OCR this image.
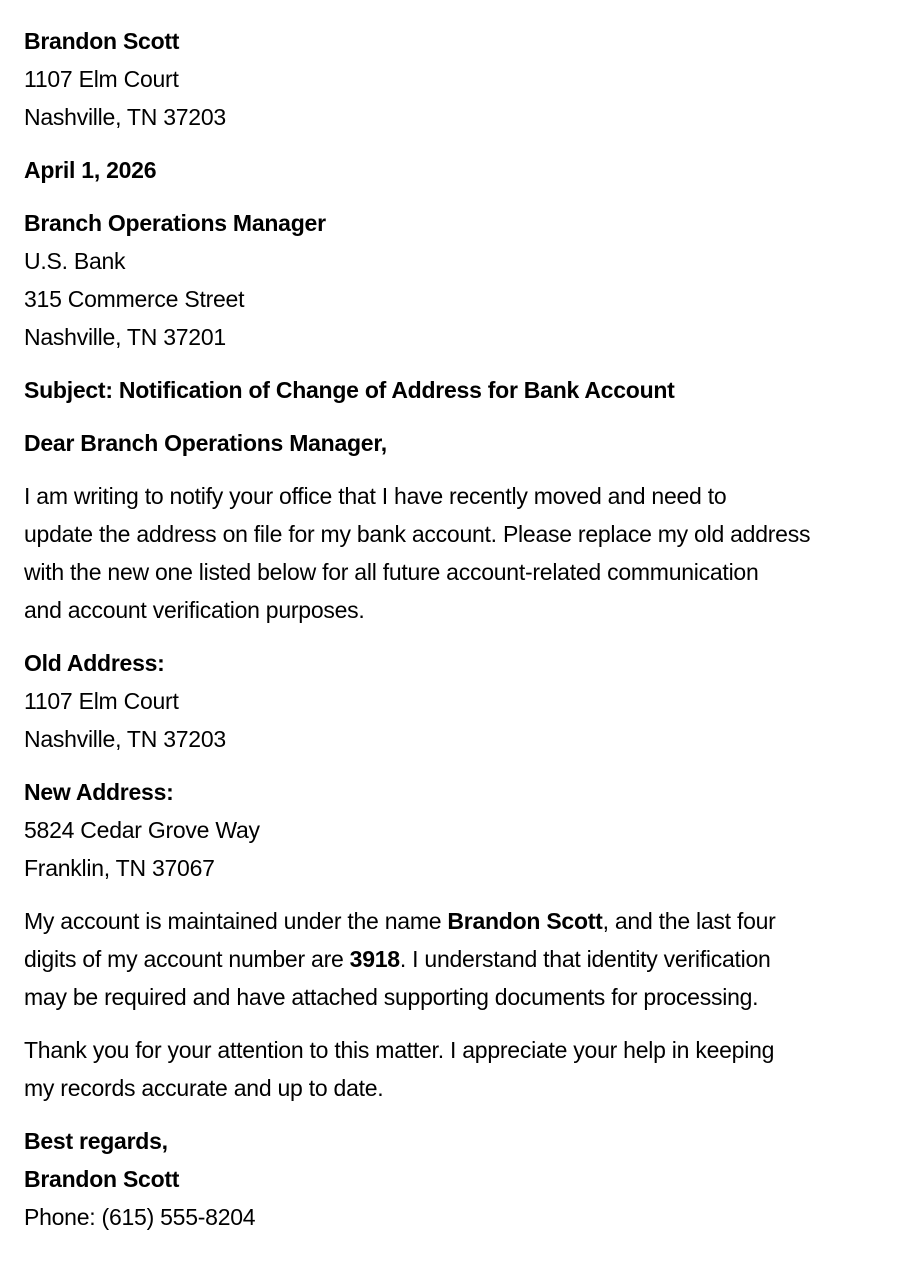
Brandon Scott
1107 Elm Court
Nashville, TN 37203
April 1, 2026
Branch Operations Manager
U.S. Bank
315 Commerce Street
Nashville, TN 37201
Subject: Notification of Change of Address for Bank Account
Dear Branch Operations Manager,
I am writing to notify your office that I have recently moved and need to
update the address on file for my bank account. Please replace my old address
with the new one listed below for all future account-related communication
and account verification purposes.
Old Address:
1107 Elm Court
Nashville, TN 37203
New Address:
5824 Cedar Grove Way
Franklin, TN 37067
My account is maintained under the name Brandon Scott, and the last four
digits of my account number are 3918. I understand that identity verification
may be required and have attached supporting documents for processing.
Thank you for your attention to this matter. I appreciate your help in keeping
my records accurate and up to date.
Best regards,
Brandon Scott
Phone: (615) 555-8204
